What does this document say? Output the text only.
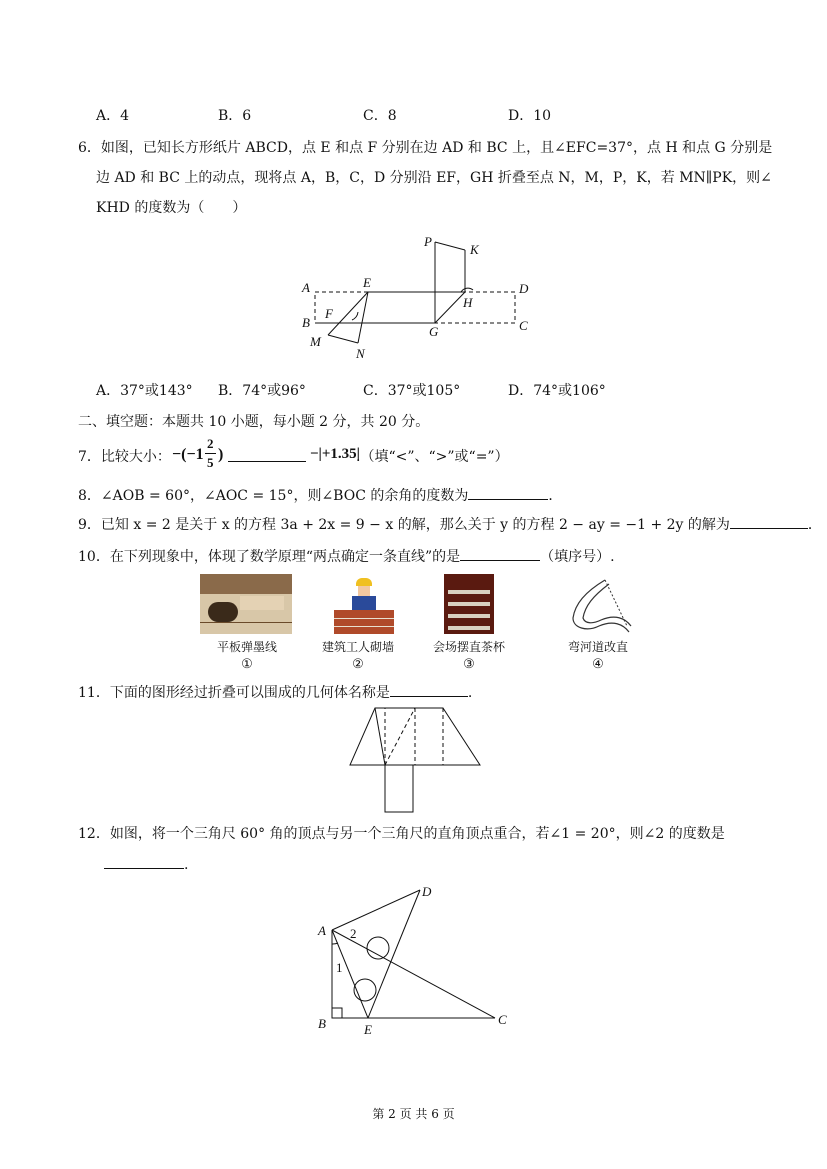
A．4	B．6	C．8	D．10
6．如图，已知长方形纸片 ABCD，点 E 和点 F 分别在边 AD 和 BC 上，且∠EFC=37°，点 H 和点 G 分别是
边 AD 和 BC 上的动点，现将点 A，B，C，D 分别沿 EF，GH 折叠至点 N，M，P，K，若 MN∥PK，则∠
KHD 的度数为（　　）
A
B
E
F
M
N
P
K
H
G
D
C
A．37°或143° B．74°或96°	C．37°或105°	D．74°或106°
二、填空题：本题共 10 小题，每小题 2 分，共 20 分。
7．比较大小： −(−1
2
5 )	−|+1.35|
.（填“<”、“>”或“=”）
8．∠AOB = 60°，∠AOC = 15°，则∠BOC 的余角的度数为	．
9．已知 x = 2 是关于 x 的方程 3a + 2x = 9 − x 的解，那么关于 y 的方程 2 − ay = −1 + 2y 的解为	．
10．在下列现象中，体现了数学原理“两点确定一条直线”的是	（填序号）.
平板弹墨线	建筑工人砌墙	会场摆直茶杯	弯河道改直
①	②	③	④
11．下面的图形经过折叠可以围成的几何体名称是	.
12．如图，将一个三角尺 60° 角的顶点与另一个三角尺的直角顶点重合，若∠1 = 20°，则∠2 的度数是
.
A
B	C
D
E
1
2
第 2 页 共 6 页
